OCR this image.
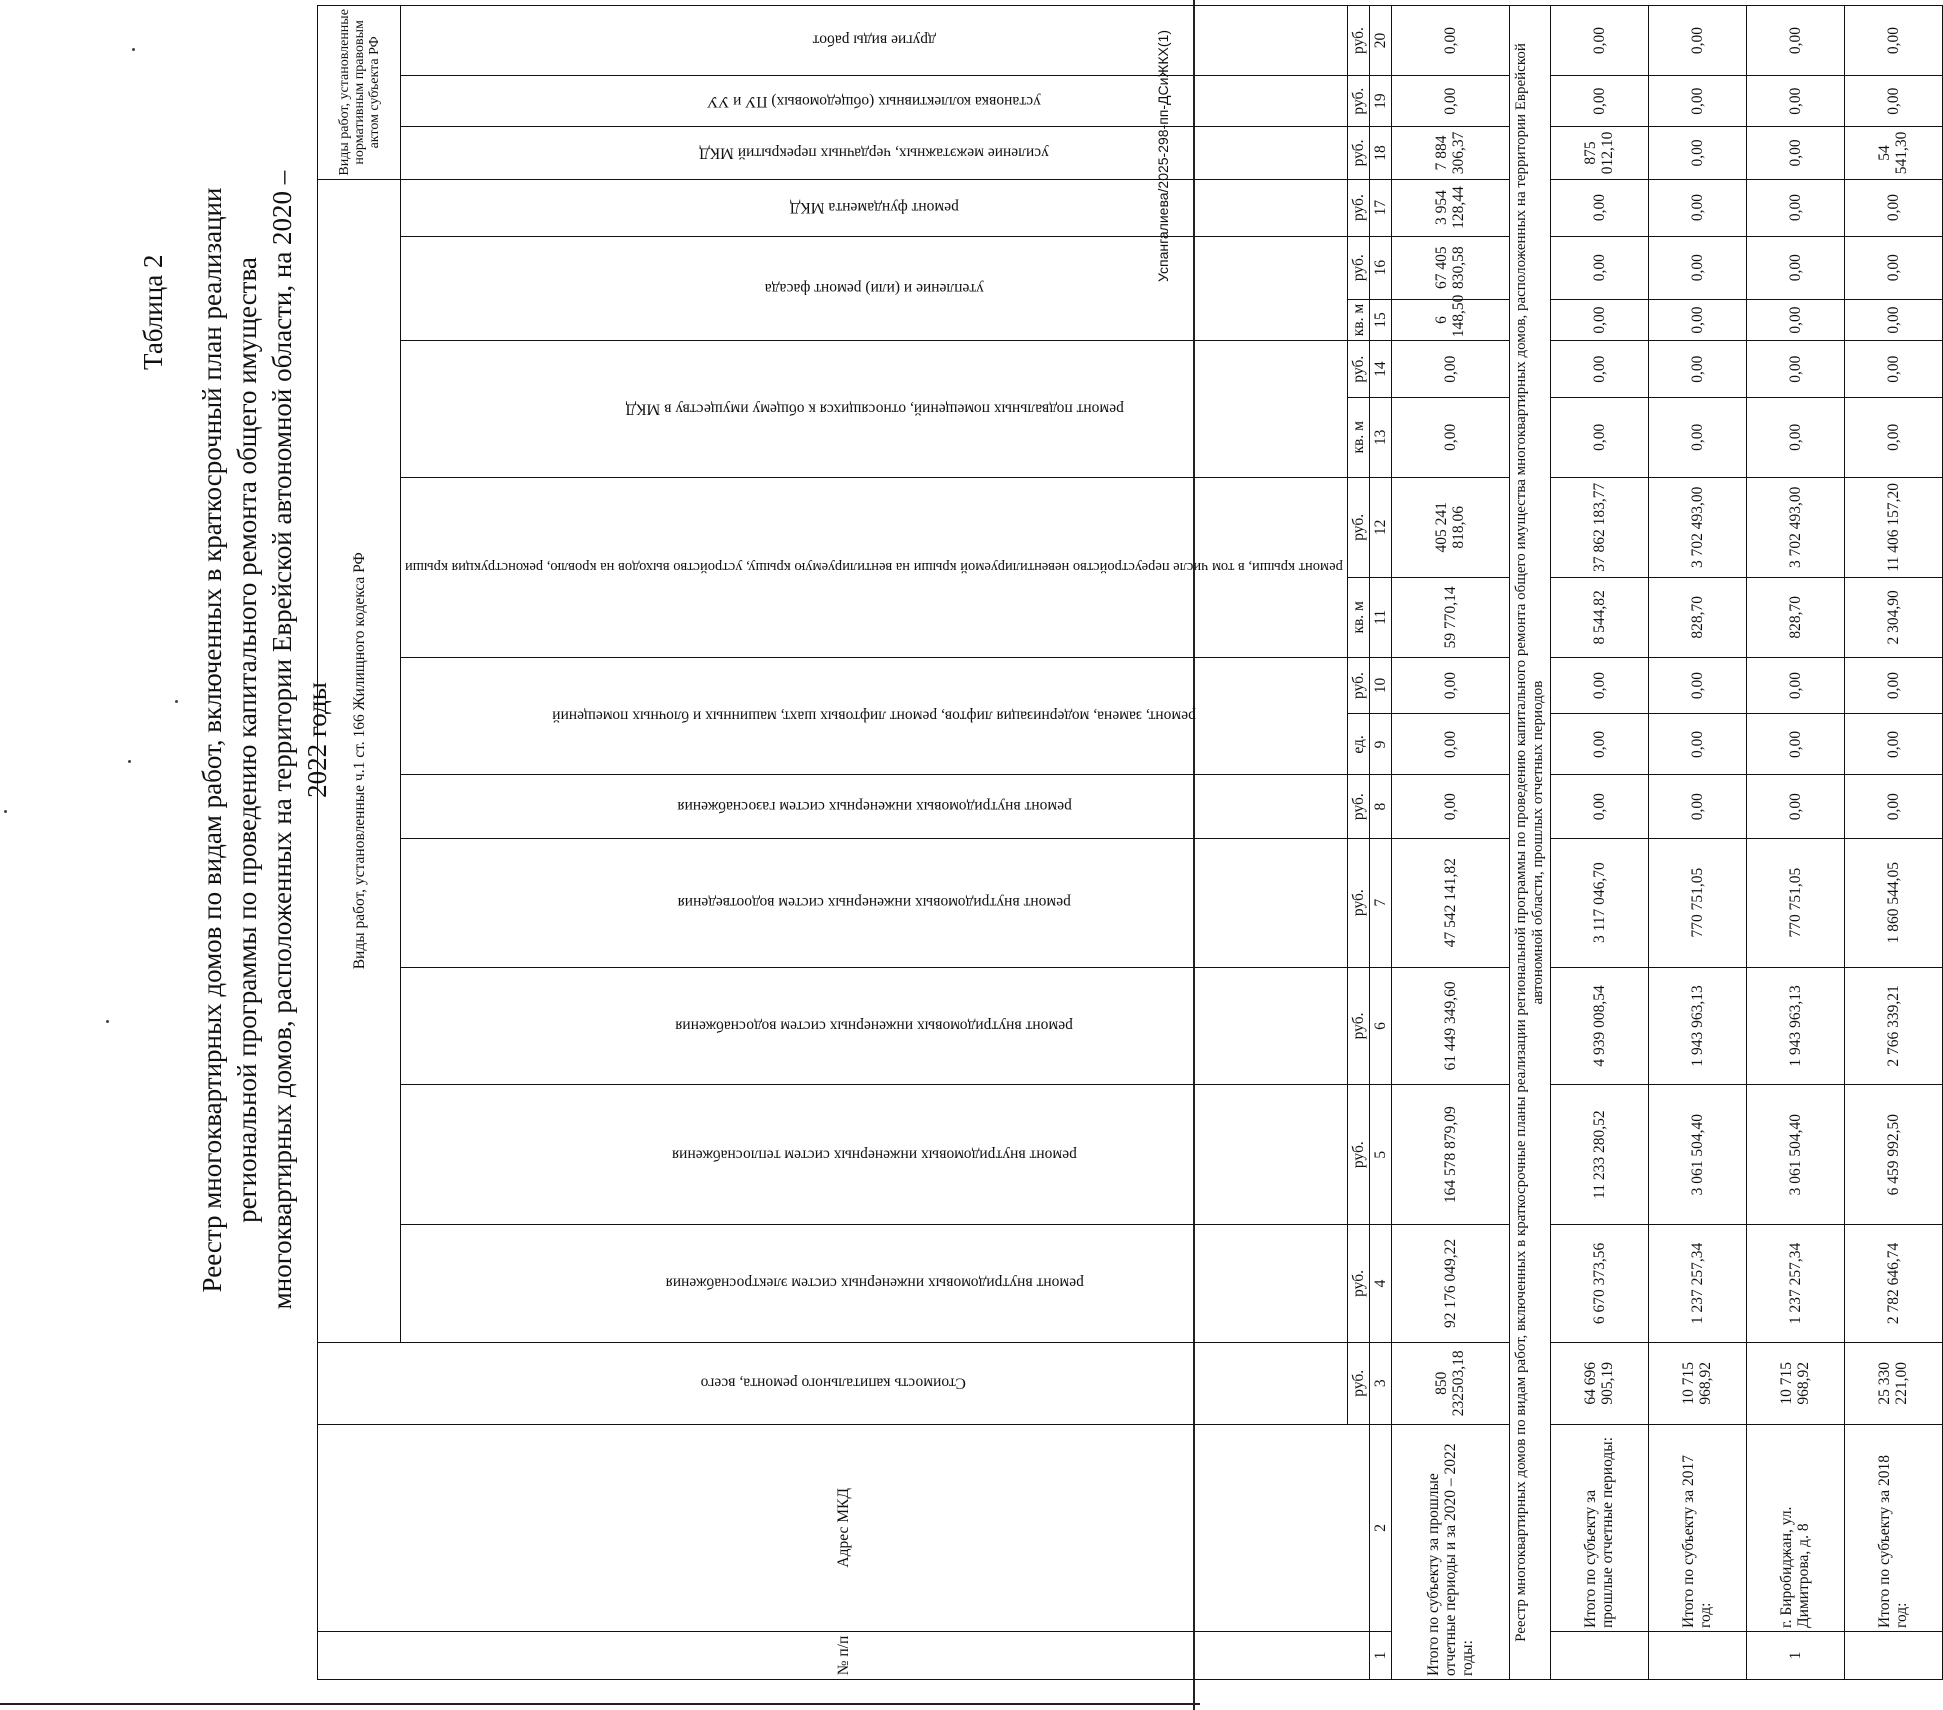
Таблица 2 Реестр многоквартирных домов по видам работ, включенных в краткосрочный план реализации региональной программы по проведению капитального ремонта общего имущества многоквартирных домов, расположенных на территории Еврейской автономной области, на 2020 – 2022 годы
№ п/п	Адрес МКД	Стоимость капитального ремонта, всего	Виды работ, установленные ч.1 ст. 166 Жилищного кодекса РФ														Виды работ, установленные нормативным правовым актом субъекта РФ		
			ремонт внутридомовых инженерных систем электроснабжения	ремонт внутридомовых инженерных систем теплоснабжения	ремонт внутридомовых инженерных систем водоснабжения	ремонт внутридомовых инженерных систем водоотведения	ремонт внутридомовых инженерных систем газоснабжения	ремонт, замена, модернизация лифтов, ремонт лифтовых шахт, машинных и блочных помещений		ремонт крыши, в том числе переустройство невентилируемой крыши на вентилируемую крышу, устройство выходов на кровлю, реконструкция крыши		ремонт подвальных помещений, относящихся к общему имуществу в МКД		утепление и (или) ремонт фасада		ремонт фундамента МКД	усиление межэтажных, чердачных перекрытий МКД	установка коллективных (общедомовых) ПУ и УУ	другие виды работ
		руб.	руб.	руб.	руб.	руб.	руб.	ед.	руб.	кв. м	руб.	кв. м	руб.	кв. м	руб.	руб.	руб.	руб.	руб.
1	2	3	4	5	6	7	8	9	10	11	12	13	14	15	16	17	18	19	20
Итого по субъекту за прошлые отчетные периоды и за 2020 – 2022 годы:		850 232503,18	92 176 049,22	164 578 879,09	61 449 349,60	47 542 141,82	0,00	0,00	0,00	59 770,14	405 241 818,06	0,00	0,00	6 148,50	67 405 830,58	3 954 128,44	7 884 306,37	0,00	0,00
Реестр многоквартирных домов по видам работ, включенных в краткосрочные планы реализации региональной программы по проведению капитального ремонта общего имущества многоквартирных домов, расположенных на территории Еврейской автономной области, прошлых отчетных периодов																			
	Итого по субъекту за прошлые отчетные периоды:	64 696 905,19	6 670 373,56	11 233 280,52	4 939 008,54	3 117 046,70	0,00	0,00	0,00	8 544,82	37 862 183,77	0,00	0,00	0,00	0,00	0,00	875 012,10	0,00	0,00
	Итого по субъекту за 2017 год:	10 715 968,92	1 237 257,34	3 061 504,40	1 943 963,13	770 751,05	0,00	0,00	0,00	828,70	3 702 493,00	0,00	0,00	0,00	0,00	0,00	0,00	0,00	0,00
1	г. Биробиджан, ул. Димитрова, д. 8	10 715 968,92	1 237 257,34	3 061 504,40	1 943 963,13	770 751,05	0,00	0,00	0,00	828,70	3 702 493,00	0,00	0,00	0,00	0,00	0,00	0,00	0,00	0,00
	Итого по субъекту за 2018 год:	25 330 221,00	2 782 646,74	6 459 992,50	2 766 339,21	1 860 544,05	0,00	0,00	0,00	2 304,90	11 406 157,20	0,00	0,00	0,00	0,00	0,00	54 541,30	0,00	0,00
Успангалиева/2025-298-пп-ДСиЖКХ(1)
